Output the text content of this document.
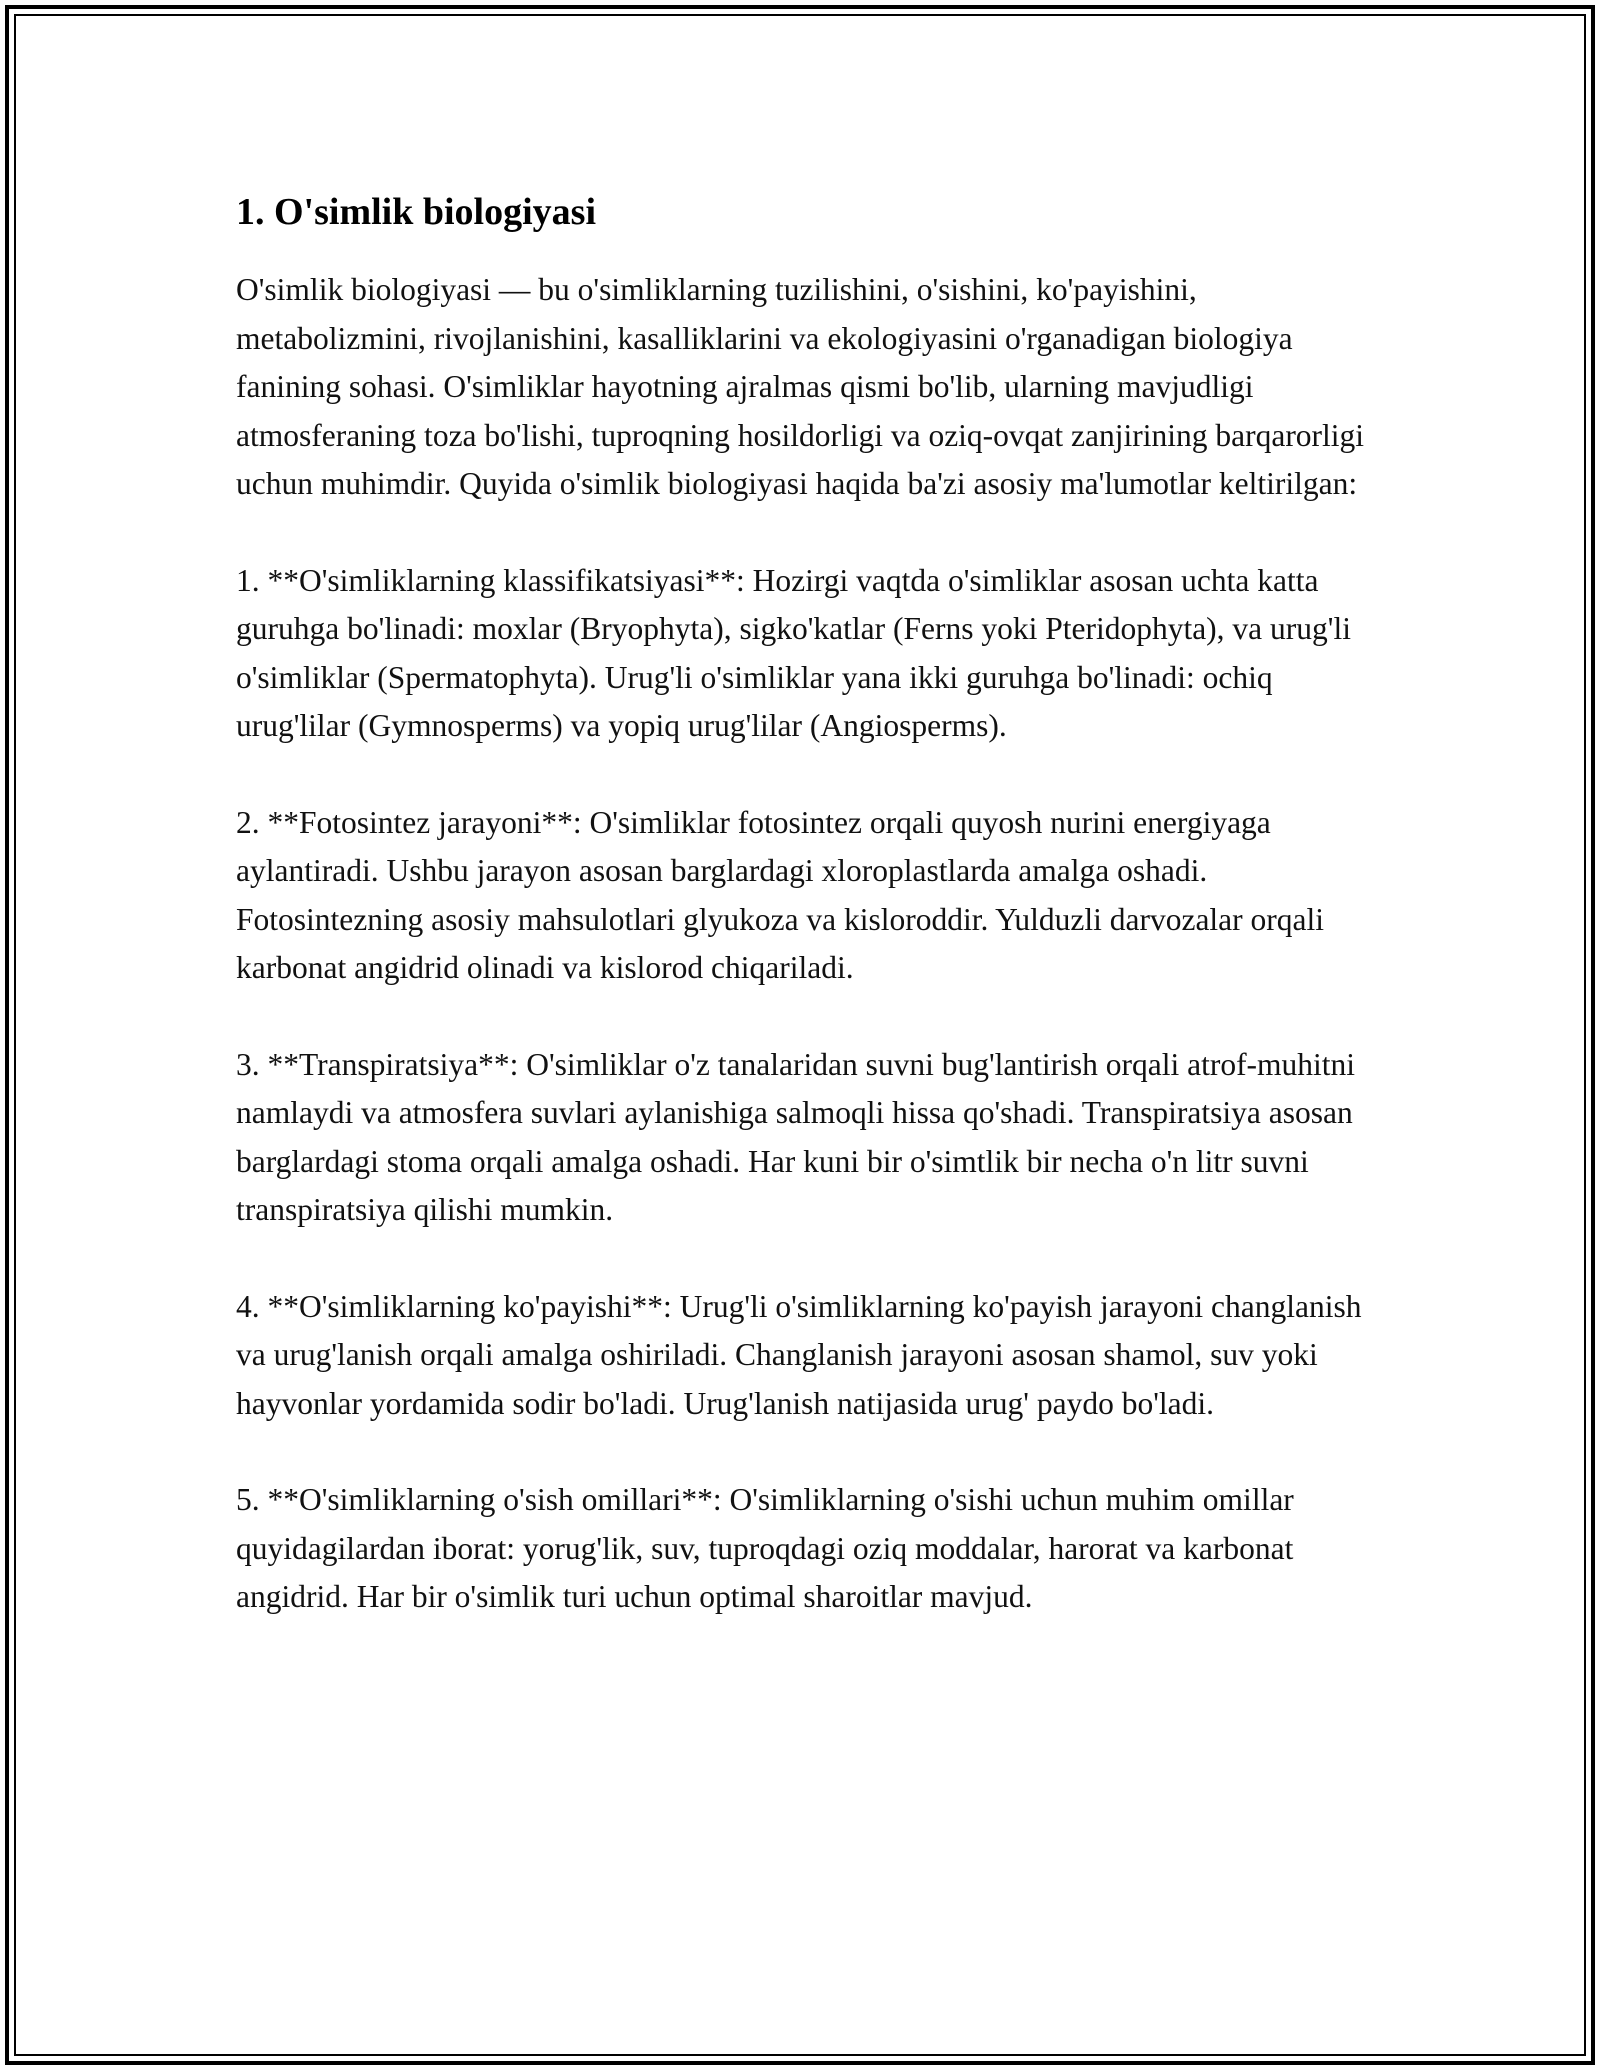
1. O'simlik biologiyasi

O'simlik biologiyasi — bu o'simliklarning tuzilishini, o'sishini, ko'payishini, metabolizmini, rivojlanishini, kasalliklarini va ekologiyasini o'rganadigan biologiya fanining sohasi. O'simliklar hayotning ajralmas qismi bo'lib, ularning mavjudligi atmosferaning toza bo'lishi, tuproqning hosildorligi va oziq-ovqat zanjirining barqarorligi uchun muhimdir. Quyida o'simlik biologiyasi haqida ba'zi asosiy ma'lumotlar keltirilgan:

1. **O'simliklarning klassifikatsiyasi**: Hozirgi vaqtda o'simliklar asosan uchta katta guruhga bo'linadi: moxlar (Bryophyta), sigko'katlar (Ferns yoki Pteridophyta), va urug'li o'simliklar (Spermatophyta). Urug'li o'simliklar yana ikki guruhga bo'linadi: ochiq urug'lilar (Gymnosperms) va yopiq urug'lilar (Angiosperms).

2. **Fotosintez jarayoni**: O'simliklar fotosintez orqali quyosh nurini energiyaga aylantiradi. Ushbu jarayon asosan barglardagi xloroplastlarda amalga oshadi. Fotosintezning asosiy mahsulotlari glyukoza va kisloroddir. Yulduzli darvozalar orqali karbonat angidrid olinadi va kislorod chiqariladi.

3. **Transpiratsiya**: O'simliklar o'z tanalaridan suvni bug'lantirish orqali atrof-muhitni namlaydi va atmosfera suvlari aylanishiga salmoqli hissa qo'shadi. Transpiratsiya asosan barglardagi stoma orqali amalga oshadi. Har kuni bir o'simtlik bir necha o'n litr suvni transpiratsiya qilishi mumkin.

4. **O'simliklarning ko'payishi**: Urug'li o'simliklarning ko'payish jarayoni changlanish va urug'lanish orqali amalga oshiriladi. Changlanish jarayoni asosan shamol, suv yoki hayvonlar yordamida sodir bo'ladi. Urug'lanish natijasida urug' paydo bo'ladi.

5. **O'simliklarning o'sish omillari**: O'simliklarning o'sishi uchun muhim omillar quyidagilardan iborat: yorug'lik, suv, tuproqdagi oziq moddalar, harorat va karbonat angidrid. Har bir o'simlik turi uchun optimal sharoitlar mavjud.
